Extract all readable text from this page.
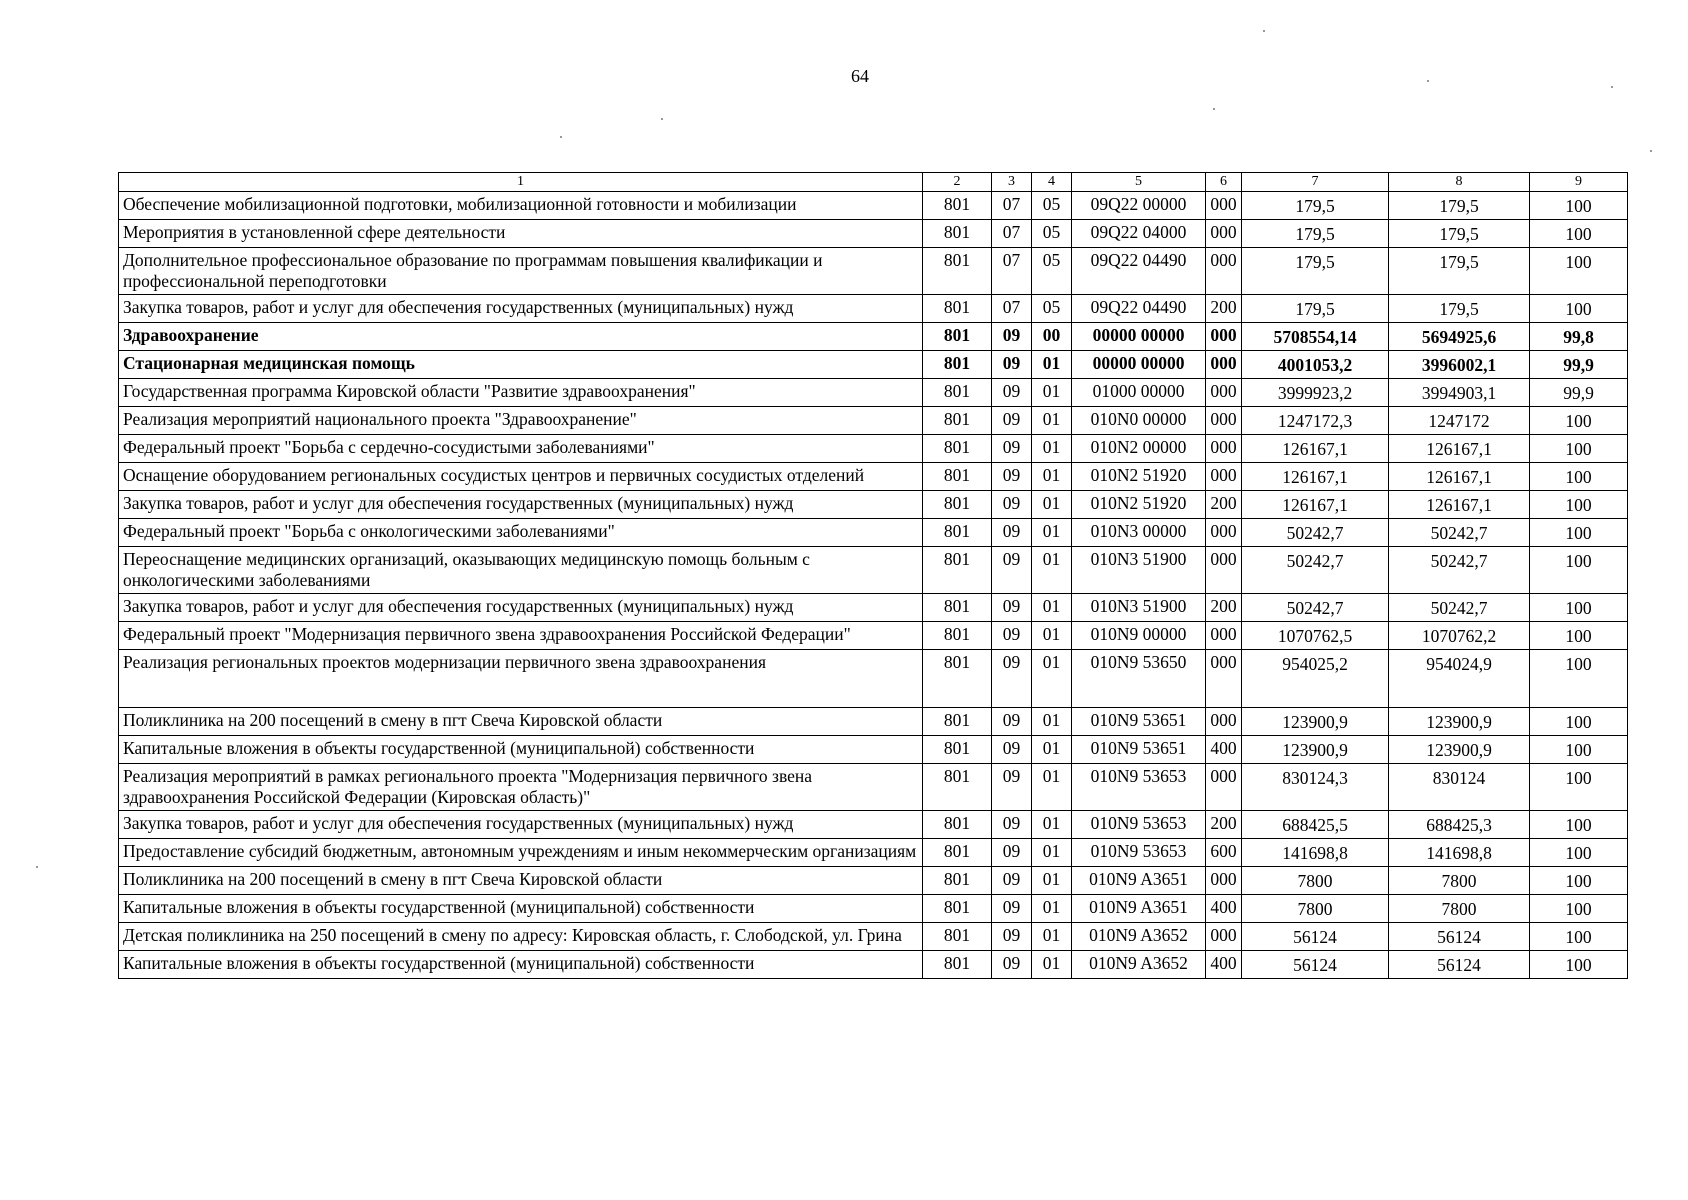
64
1	2	3	4	5	6	7	8	9
Обеспечение мобилизационной подготовки, мобилизационной готовности и мобилизации	801	07	05	09Q22 00000	000	179,5	179,5	100
Мероприятия в установленной сфере деятельности	801	07	05	09Q22 04000	000	179,5	179,5	100
Дополнительное профессиональное образование по программам повышения квалификации и профессиональной переподготовки	801	07	05	09Q22 04490	000	179,5	179,5	100
Закупка товаров, работ и услуг для обеспечения государственных (муниципальных) нужд	801	07	05	09Q22 04490	200	179,5	179,5	100
Здравоохранение	801	09	00	00000 00000	000	5708554,14	5694925,6	99,8
Стационарная медицинская помощь	801	09	01	00000 00000	000	4001053,2	3996002,1	99,9
Государственная программа Кировской области "Развитие здравоохранения"	801	09	01	01000 00000	000	3999923,2	3994903,1	99,9
Реализация мероприятий национального проекта "Здравоохранение"	801	09	01	010N0 00000	000	1247172,3	1247172	100
Федеральный проект "Борьба с сердечно-сосудистыми заболеваниями"	801	09	01	010N2 00000	000	126167,1	126167,1	100
Оснащение оборудованием региональных сосудистых центров и первичных сосудистых отделений	801	09	01	010N2 51920	000	126167,1	126167,1	100
Закупка товаров, работ и услуг для обеспечения государственных (муниципальных) нужд	801	09	01	010N2 51920	200	126167,1	126167,1	100
Федеральный проект "Борьба с онкологическими заболеваниями"	801	09	01	010N3 00000	000	50242,7	50242,7	100
Переоснащение медицинских организаций, оказывающих медицинскую помощь больным с онкологическими заболеваниями	801	09	01	010N3 51900	000	50242,7	50242,7	100
Закупка товаров, работ и услуг для обеспечения государственных (муниципальных) нужд	801	09	01	010N3 51900	200	50242,7	50242,7	100
Федеральный проект "Модернизация первичного звена здравоохранения Российской Федерации"	801	09	01	010N9 00000	000	1070762,5	1070762,2	100
Реализация региональных проектов модернизации первичного звена здравоохранения	801	09	01	010N9 53650	000	954025,2	954024,9	100
Поликлиника на 200 посещений в смену в пгт Свеча Кировской области	801	09	01	010N9 53651	000	123900,9	123900,9	100
Капитальные вложения в объекты государственной (муниципальной) собственности	801	09	01	010N9 53651	400	123900,9	123900,9	100
Реализация мероприятий в рамках регионального проекта "Модернизация первичного звена здравоохранения Российской Федерации (Кировская область)"	801	09	01	010N9 53653	000	830124,3	830124	100
Закупка товаров, работ и услуг для обеспечения государственных (муниципальных) нужд	801	09	01	010N9 53653	200	688425,5	688425,3	100
Предоставление субсидий бюджетным, автономным учреждениям и иным некоммерческим организациям	801	09	01	010N9 53653	600	141698,8	141698,8	100
Поликлиника на 200 посещений в смену в пгт Свеча Кировской области	801	09	01	010N9 A3651	000	7800	7800	100
Капитальные вложения в объекты государственной (муниципальной) собственности	801	09	01	010N9 A3651	400	7800	7800	100
Детская поликлиника на 250 посещений в смену по адресу: Кировская область, г. Слободской, ул. Грина	801	09	01	010N9 A3652	000	56124	56124	100
Капитальные вложения в объекты государственной (муниципальной) собственности	801	09	01	010N9 A3652	400	56124	56124	100
